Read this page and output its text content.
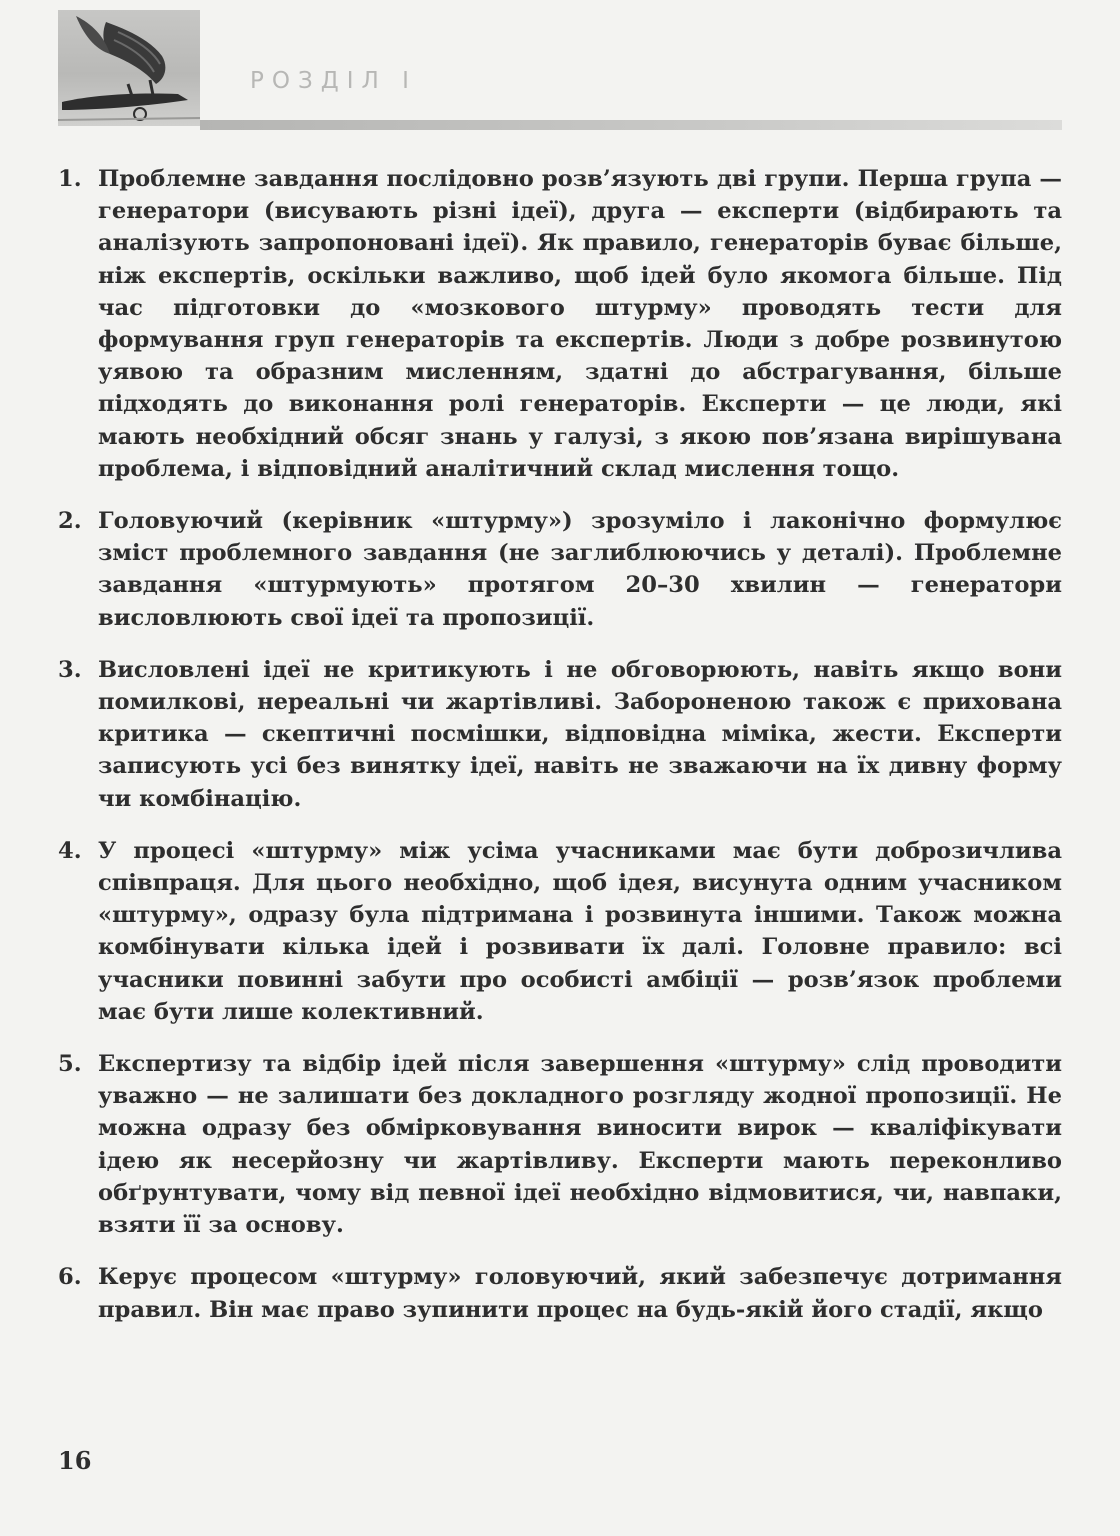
РОЗДІЛ І
1. Проблемне завдання послідовно розв’язують дві групи. Перша група — генератори (висувають різні ідеї), друга — експерти (відбирають та аналізують запропоновані ідеї). Як правило, генераторів буває більше, ніж експертів, оскільки важливо, щоб ідей було якомога більше. Під час підготовки до «мозкового штурму» проводять тести для формування груп генераторів та експертів. Люди з добре розвинутою уявою та образним мисленням, здатні до абстрагування, більше підходять до виконання ролі генераторів. Експерти — це люди, які мають необхідний обсяг знань у галузі, з якою пов’язана вирішувана проблема, і відповідний аналітичний склад мислення тощо.
2. Головуючий (керівник «штурму») зрозуміло і лаконічно формулює зміст проблемного завдання (не заглиблюючись у деталі). Проблемне завдання «штурмують» протягом 20–30 хвилин — генератори висловлюють свої ідеї та пропозиції.
3. Висловлені ідеї не критикують і не обговорюють, навіть якщо вони помилкові, нереальні чи жартівливі. Забороненою також є прихована критика — скептичні посмішки, відповідна міміка, жести. Експерти записують усі без винятку ідеї, навіть не зважаючи на їх дивну форму чи комбінацію.
4. У процесі «штурму» між усіма учасниками має бути доброзичлива співпраця. Для цього необхідно, щоб ідея, висунута одним учасником «штурму», одразу була підтримана і розвинута іншими. Також можна комбінувати кілька ідей і розвивати їх далі. Головне правило: всі учасники повинні забути про особисті амбіції — розв’язок проблеми має бути лише колективний.
5. Експертизу та відбір ідей після завершення «штурму» слід проводити уважно — не залишати без докладного розгляду жодної пропозиції. Не можна одразу без обмірковування виносити вирок — кваліфікувати ідею як несерйозну чи жартівливу. Експерти мають переконливо обґрунтувати, чому від певної ідеї необхідно відмовитися, чи, навпаки, взяти її за основу.
6. Керує процесом «штурму» головуючий, який забезпечує дотримання правил. Він має право зупинити процес на будь-якій його стадії, якщо
16
